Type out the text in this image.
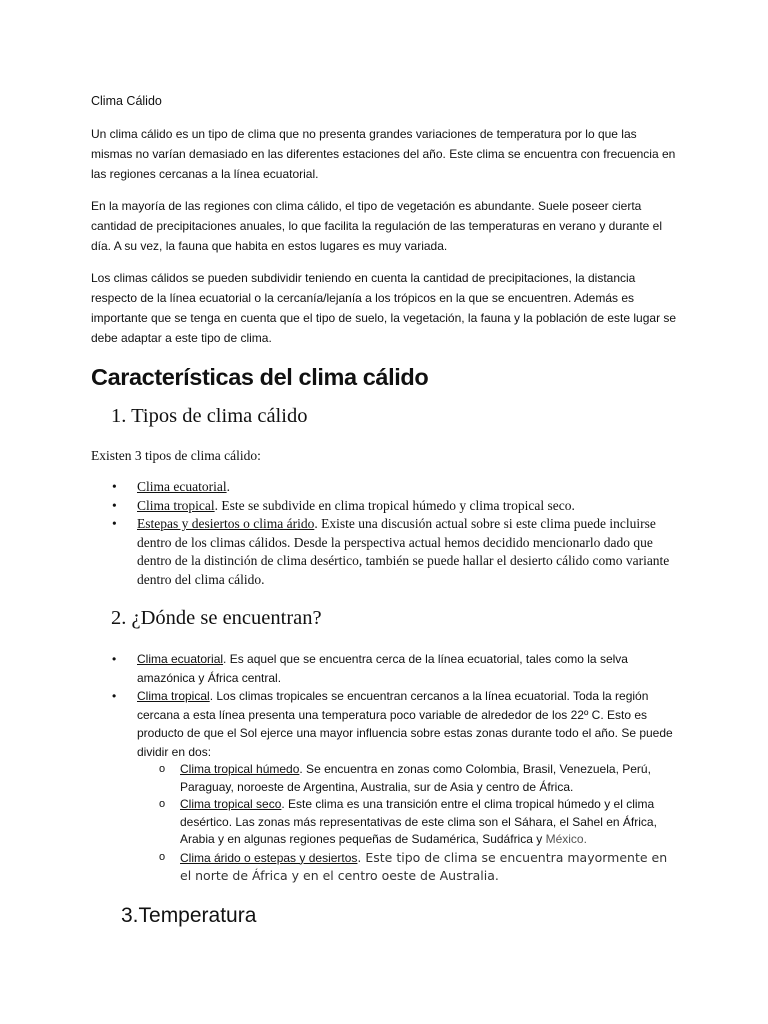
Clima Cálido

Un clima cálido es un tipo de clima que no presenta grandes variaciones de temperatura por lo que las mismas no varían demasiado en las diferentes estaciones del año. Este clima se encuentra con frecuencia en las regiones cercanas a la línea ecuatorial.

En la mayoría de las regiones con clima cálido, el tipo de vegetación es abundante. Suele poseer cierta cantidad de precipitaciones anuales, lo que facilita la regulación de las temperaturas en verano y durante el día. A su vez, la fauna que habita en estos lugares es muy variada.

Los climas cálidos se pueden subdividir teniendo en cuenta la cantidad de precipitaciones, la distancia respecto de la línea ecuatorial o la cercanía/lejanía a los trópicos en la que se encuentren. Además es importante que se tenga en cuenta que el tipo de suelo, la vegetación, la fauna y la población de este lugar se debe adaptar a este tipo de clima.

Características del clima cálido
1. Tipos de clima cálido

Existen 3 tipos de clima cálido:

• Clima ecuatorial.
• Clima tropical. Este se subdivide en clima tropical húmedo y clima tropical seco.
• Estepas y desiertos o clima árido. Existe una discusión actual sobre si este clima puede incluirse dentro de los climas cálidos. Desde la perspectiva actual hemos decidido mencionarlo dado que dentro de la distinción de clima desértico, también se puede hallar el desierto cálido como variante dentro del clima cálido.
2. ¿Dónde se encuentran?
• Clima ecuatorial. Es aquel que se encuentra cerca de la línea ecuatorial, tales como la selva amazónica y África central.
• Clima tropical. Los climas tropicales se encuentran cercanos a la línea ecuatorial. Toda la región cercana a esta línea presenta una temperatura poco variable de alrededor de los 22º C. Esto es producto de que el Sol ejerce una mayor influencia sobre estas zonas durante todo el año. Se puede dividir en dos:
o Clima tropical húmedo. Se encuentra en zonas como Colombia, Brasil, Venezuela, Perú, Paraguay, noroeste de Argentina, Australia, sur de Asia y centro de África.
o Clima tropical seco. Este clima es una transición entre el clima tropical húmedo y el clima desértico. Las zonas más representativas de este clima son el Sáhara, el Sahel en África, Arabia y en algunas regiones pequeñas de Sudamérica, Sudáfrica y México.
o Clima árido o estepas y desiertos. Este tipo de clima se encuentra mayormente en el norte de África y en el centro oeste de Australia.
3.Temperatura
